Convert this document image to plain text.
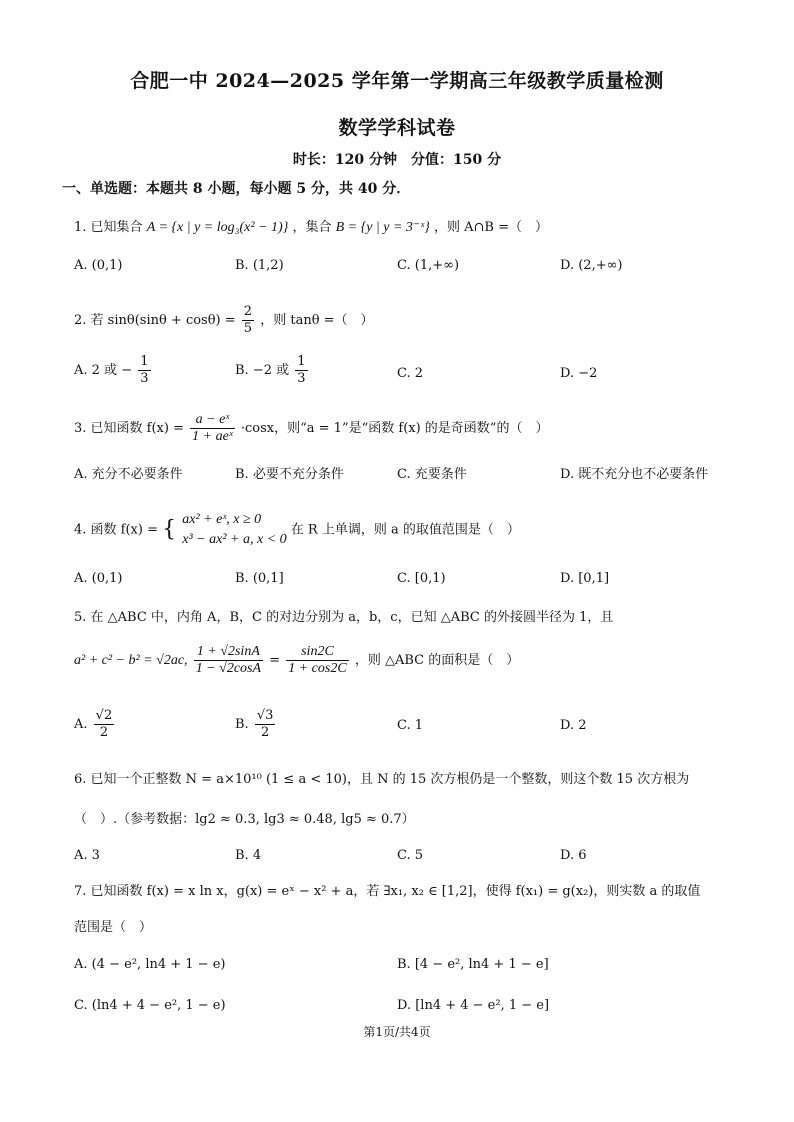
合肥一中 2024—2025 学年第一学期高三年级教学质量检测
数学学科试卷
时长：120 分钟　分值：150 分
一、单选题：本题共 8 小题，每小题 5 分，共 40 分．
1. 已知集合 A = {x | y = log₃(x² − 1)} ，集合 B = {y | y = 3⁻ˣ} ，则 A∩B =（　）
A. (0,1)	B. (1,2)	C. (1,+∞)	D. (2,+∞)
2. 若 $\sin\theta(\sin\theta + \cos\theta) = \frac{2}{5}$ ，则 tanθ =（　）
A. 2 或 − $\frac{1}{3}$	B. −2 或 $\frac{1}{3}$	C. 2	D. −2
3. 已知函数 $f(x) = \frac{\text{a − eˣ}}{\text{1 + aeˣ}} \cdot\cos x$，则“a = 1”是“函数 f(x) 的是奇函数”的（　）
A. 充分不必要条件	B. 必要不充分条件	C. 充要条件	D. 既不充分也不必要条件
4. 函数 f(x) = { ax² + eˣ, x ≥ 0
x³ − ax² + a, x < 0
在 R 上单调，则 a 的取值范围是（　）
A. (0,1)	B. (0,1]	C. [0,1)	D. [0,1]
5. 在 △ABC 中，内角 A，B，C 的对边分别为 a，b，c，已知 △ABC 的外接圆半径为 1，且
a² + c² − b² = √2ac, $\frac{1 + √2\sin A}{1 - √2\cos A} = \frac{\sin 2C}{1 + \cos 2C}$ ，则 △ABC 的面积是（　）
A. $\frac{√2}{2}$	B. $\frac{√3}{2}$	C. 1	D. 2
6. 已知一个正整数 N = a×10¹⁰ (1 ≤ a < 10)，且 N 的 15 次方根仍是一个整数，则这个数 15 次方根为
（　）.（参考数据：lg2 ≈ 0.3, lg3 ≈ 0.48, lg5 ≈ 0.7）
A. 3	B. 4	C. 5	D. 6
7. 已知函数 f(x) = x ln x，g(x) = eˣ − x² + a，若 ∃x₁, x₂ ∈ [1,2]，使得 f(x₁) = g(x₂)，则实数 a 的取值
范围是（　）
A. (4 − e², ln4 + 1 − e)	B. [4 − e², ln4 + 1 − e]
C. (ln4 + 4 − e², 1 − e)	D. [ln4 + 4 − e², 1 − e]
第1页/共4页
